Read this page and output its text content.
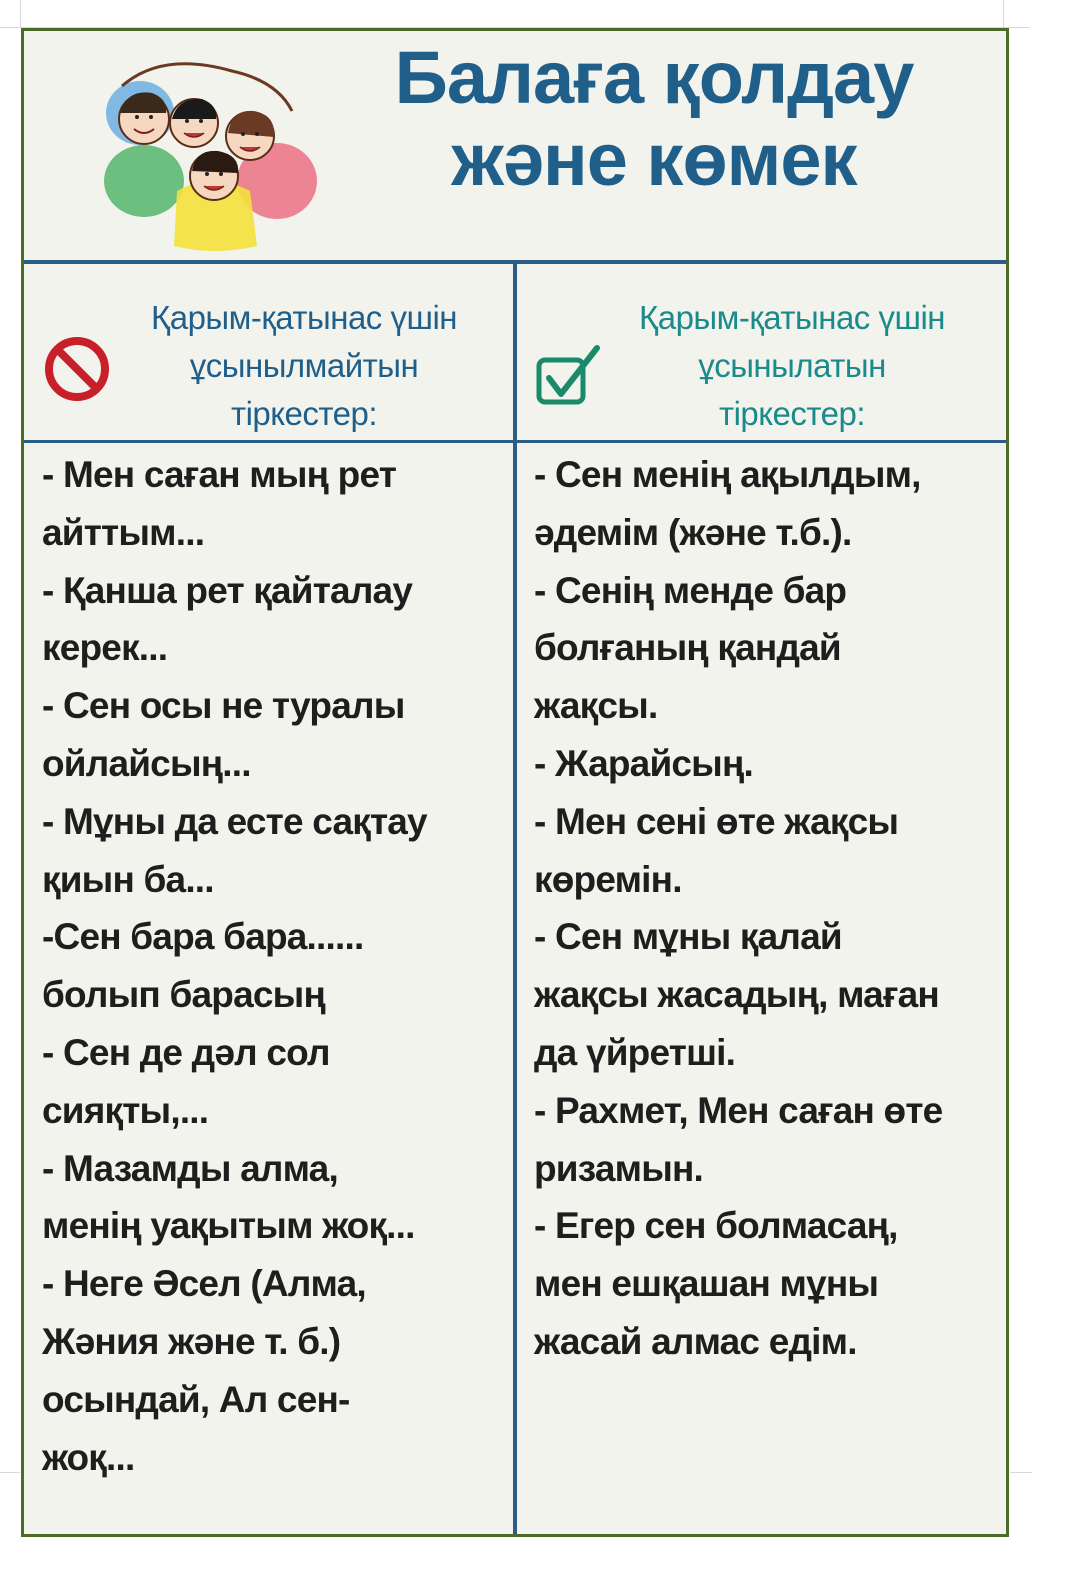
Балаға қолдау
және көмек
Қарым-қатынас үшін
ұсынылмайтын
тіркестер:
Қарым-қатынас үшін
ұсынылатын
тіркестер:
- Мен саған мың рет
айттым...
- Қанша рет қайталау
керек...
- Сен осы не туралы
ойлайсың...
- Мұны да есте сақтау
қиын ба...
-Сен бара бара......
болып барасың
- Сен де дәл сол
сияқты,...
- Мазамды алма,
менің уақытым жоқ...
- Неге Әсел (Алма,
Жәния және т. б.)
осындай, Ал сен-
жоқ...
- Сен менің ақылдым,
әдемім (және т.б.).
- Сенің менде бар
болғаның қандай
жақсы.
- Жарайсың.
- Мен сені өте жақсы
көремін.
- Сен мұны қалай
жақсы жасадың, маған
да үйретші.
- Рахмет, Мен саған өте
ризамын.
- Егер сен болмасаң,
мен ешқашан мұны
жасай алмас едім.
